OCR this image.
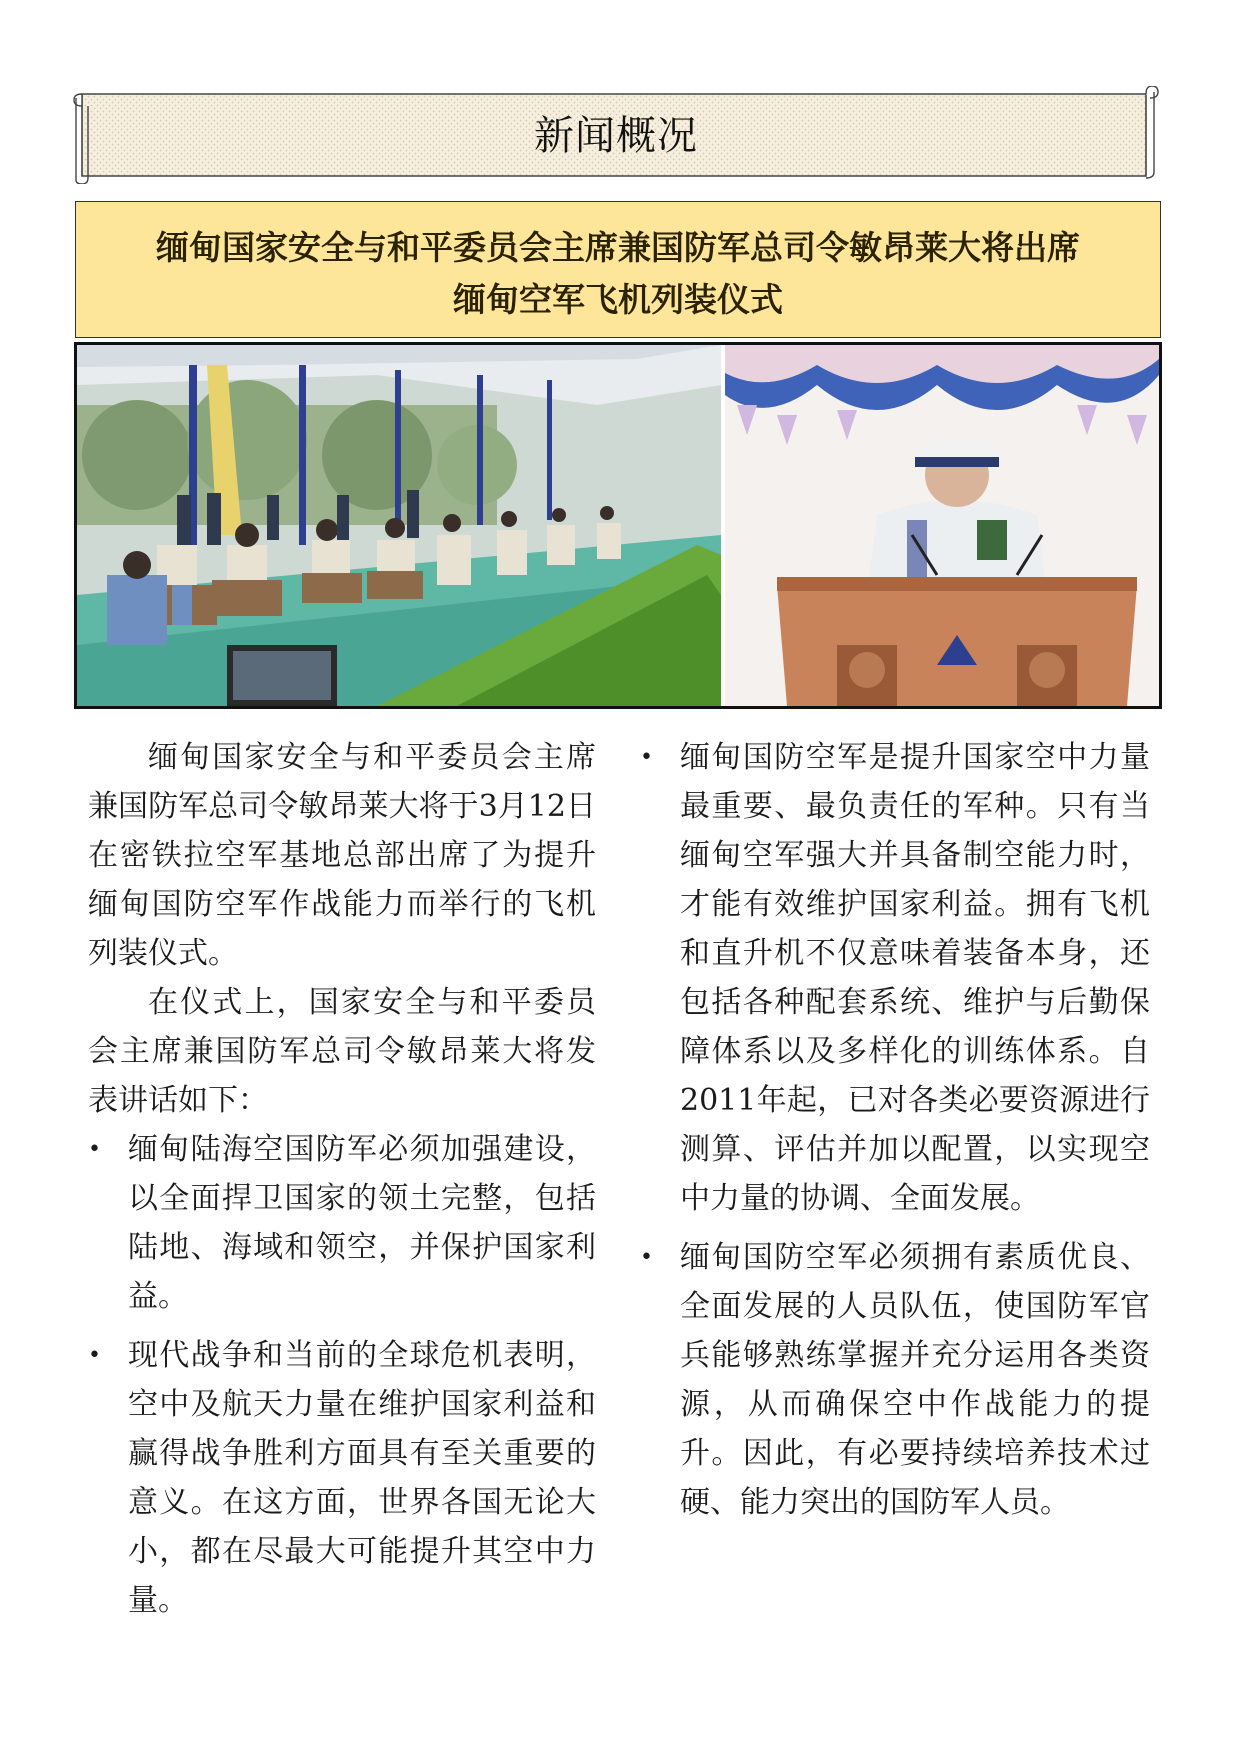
新闻概况
缅甸国家安全与和平委员会主席兼国防军总司令敏昂莱大将出席
缅甸空军飞机列装仪式

缅甸国家安全与和平委员会主席兼国防军总司令敏昂莱大将于3月12日在密铁拉空军基地总部出席了为提升缅甸国防空军作战能力而举行的飞机列装仪式。

在仪式上，国家安全与和平委员会主席兼国防军总司令敏昂莱大将发表讲话如下：

• 缅甸陆海空国防军必须加强建设，以全面捍卫国家的领土完整，包括陆地、海域和领空，并保护国家利益。

• 现代战争和当前的全球危机表明，空中及航天力量在维护国家利益和赢得战争胜利方面具有至关重要的意义。在这方面，世界各国无论大小，都在尽最大可能提升其空中力量。

• 缅甸国防空军是提升国家空中力量最重要、最负责任的军种。只有当缅甸空军强大并具备制空能力时，才能有效维护国家利益。拥有飞机和直升机不仅意味着装备本身，还包括各种配套系统、维护与后勤保障体系以及多样化的训练体系。自2011年起，已对各类必要资源进行测算、评估并加以配置，以实现空中力量的协调、全面发展。

• 缅甸国防空军必须拥有素质优良、全面发展的人员队伍，使国防军官兵能够熟练掌握并充分运用各类资源，从而确保空中作战能力的提升。因此，有必要持续培养技术过硬、能力突出的国防军人员。
